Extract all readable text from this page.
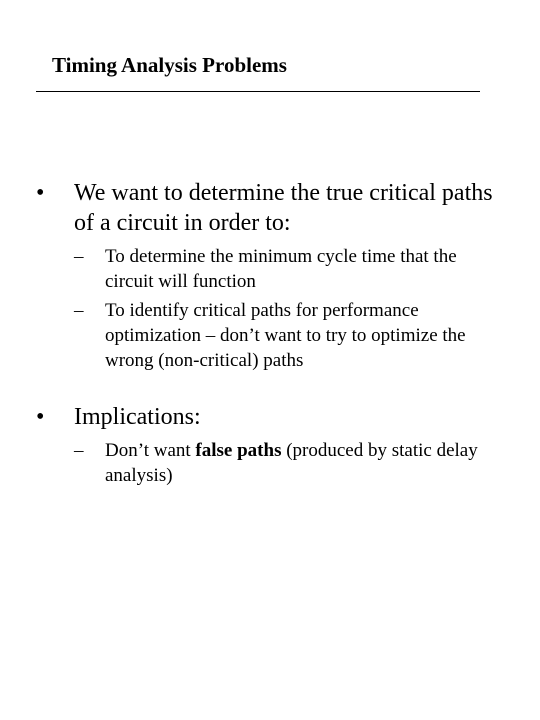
Timing Analysis Problems
•	We want to determine the true critical paths of a circuit in order to:
–	To determine the minimum cycle time that the circuit will function
–	To identify critical paths for performance optimization – don’t want to try to optimize the wrong (non-critical) paths
•	Implications:
–	Don’t want false paths (produced by static delay analysis)
